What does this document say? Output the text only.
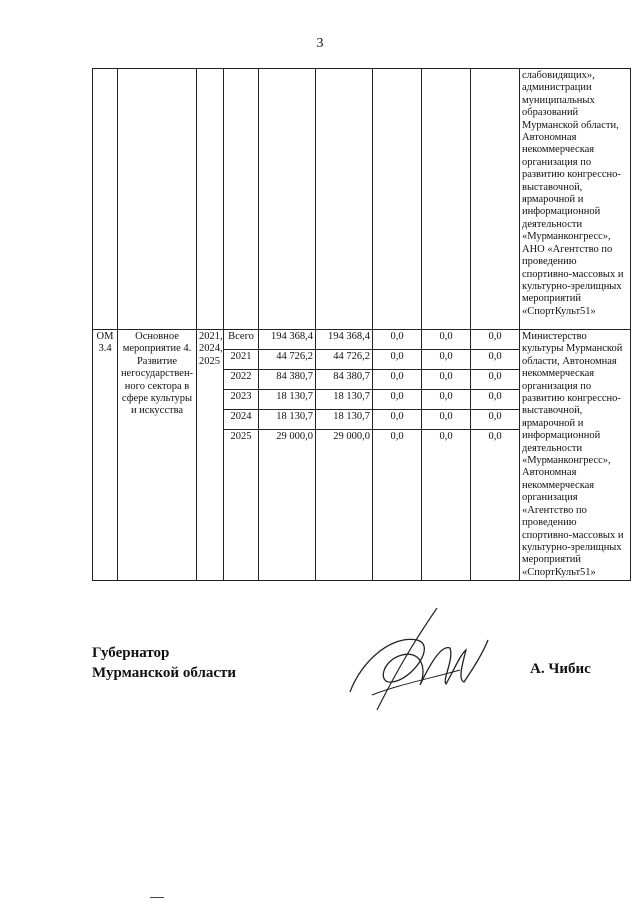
3
									слабовидящих», администрации муниципальных образований Мурманской области, Автономная некоммерческая организация по развитию конгрессно-выставочной, ярмарочной и информационной деятельности «Мурманконгресс», АНО «Агентство по проведению спортивно-массовых и культурно-зрелищных мероприятий «СпортКульт51»
ОМ 3.4	Основное мероприятие 4. Развитие негосударствен-ного сектора в сфере культуры и искусства	2021, 2024, 2025	Всего	194 368,4	194 368,4	0,0	0,0	0,0	Министерство культуры Мурманской области, Автономная некоммерческая организация по развитию конгрессно-выставочной, ярмарочной и информационной деятельности «Мурманконгресс», Автономная некоммерческая организация «Агентство по проведению спортивно-массовых и культурно-зрелищных мероприятий «СпортКульт51»
			2021	44 726,2	44 726,2	0,0	0,0	0,0	
			2022	84 380,7	84 380,7	0,0	0,0	0,0	
			2023	18 130,7	18 130,7	0,0	0,0	0,0	
			2024	18 130,7	18 130,7	0,0	0,0	0,0	
			2025	29 000,0	29 000,0	0,0	0,0	0,0	
Губернатор
Мурманской области	А. Чибис
